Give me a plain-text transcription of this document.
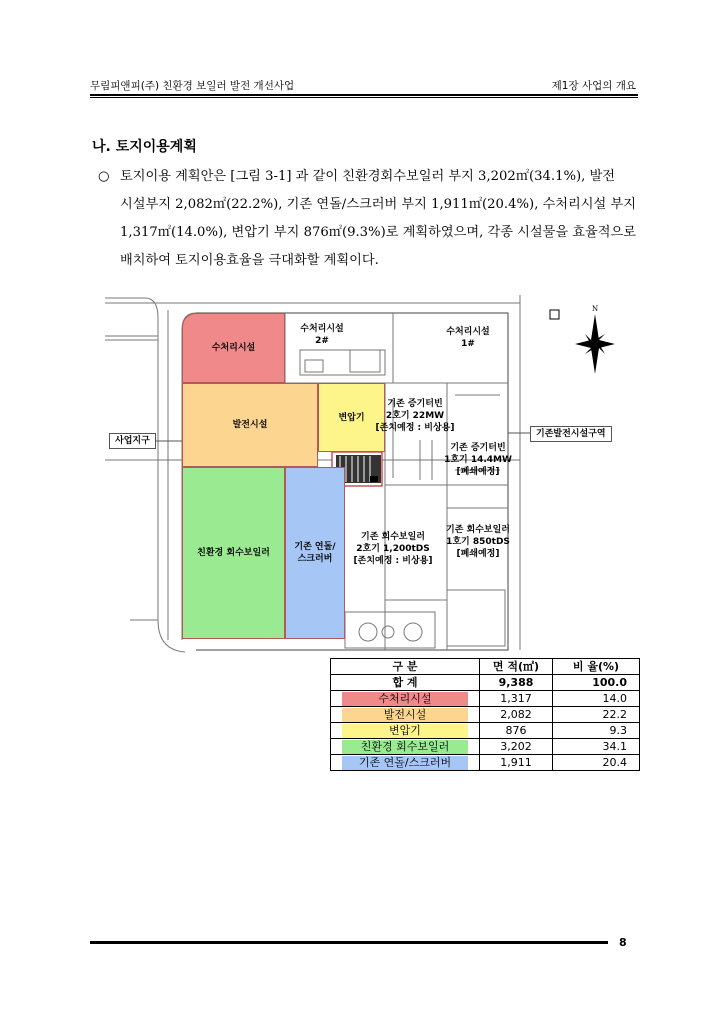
무림피앤피(주) 친환경 보일러 발전 개선사업	제1장 사업의 개요
나. 토지이용계획
○ 토지이용 계획안은 [그림 3-1] 과 같이 친환경회수보일러 부지 3,202㎡(34.1%), 발전
시설부지 2,082㎡(22.2%), 기존 연돌/스크러버 부지 1,911㎡(20.4%), 수처리시설 부지
1,317㎡(14.0%), 변압기 부지 876㎡(9.3%)로 계획하였으며, 각종 시설물을 효율적으로
배치하여 토지이용효율을 극대화할 계획이다.
N
수처리시설
발전시설
변압기
친환경 회수보일러
기존 연돌/
스크러버
수처리시설
2#
수처리시설
1#
기존 증기터빈
2호기 22MW
[존치예정 : 비상용]
기존 증기터빈
1호기 14.4MW
[폐쇄예정]
기존 회수보일러
2호기 1,200tDS
[존치예정 : 비상용]
기존 회수보일러
1호기 850tDS
[폐쇄예정]
사업지구
기존발전시설구역
구 분	면 적(㎡)	비 율(%)
합 계	9,388	100.0
수처리시설	1,317	14.0
발전시설	2,082	22.2
변압기	876	9.3
친환경 회수보일러	3,202	34.1
기존 연돌/스크러버	1,911	20.4
8
